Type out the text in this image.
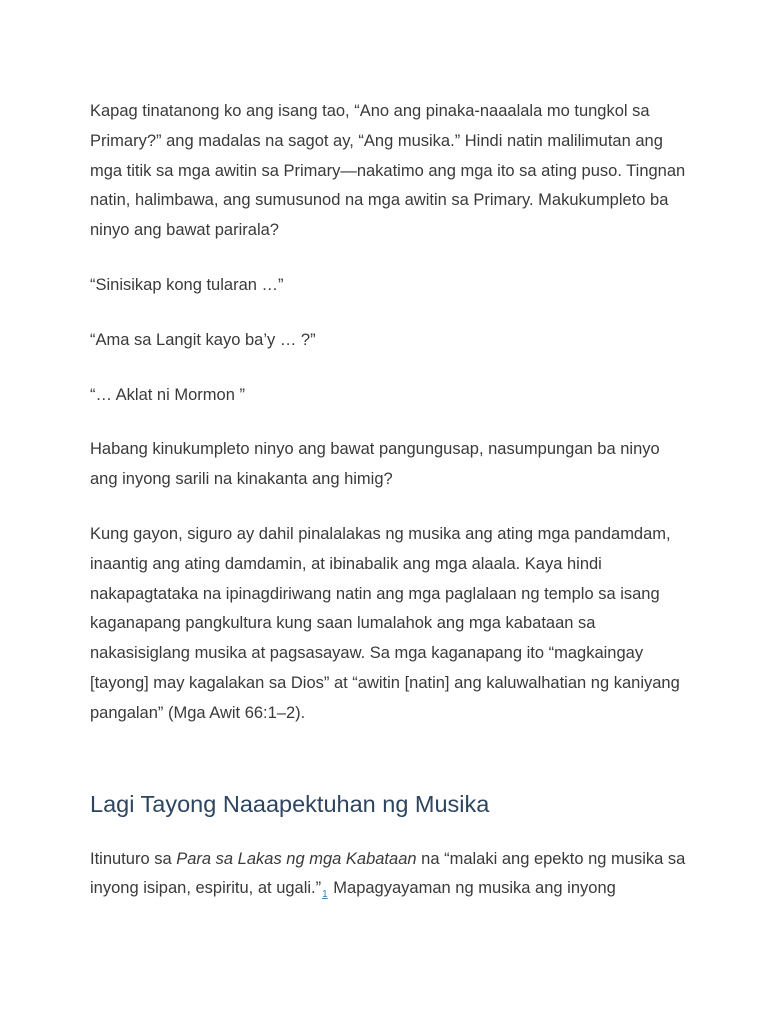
Kapag tinatanong ko ang isang tao, “Ano ang pinaka-naaalala mo tungkol sa Primary?” ang madalas na sagot ay, “Ang musika.” Hindi natin malilimutan ang mga titik sa mga awitin sa Primary—nakatimo ang mga ito sa ating puso. Tingnan natin, halimbawa, ang sumusunod na mga awitin sa Primary. Makukumpleto ba ninyo ang bawat parirala?

“Sinisikap kong tularan …”

“Ama sa Langit kayo ba’y … ?”

“… Aklat ni Mormon ”

Habang kinukumpleto ninyo ang bawat pangungusap, nasumpungan ba ninyo ang inyong sarili na kinakanta ang himig?

Kung gayon, siguro ay dahil pinalalakas ng musika ang ating mga pandamdam, inaantig ang ating damdamin, at ibinabalik ang mga alaala. Kaya hindi nakapagtataka na ipinagdiriwang natin ang mga paglalaan ng templo sa isang kaganapang pangkultura kung saan lumalahok ang mga kabataan sa nakasisiglang musika at pagsasayaw. Sa mga kaganapang ito “magkaingay [tayong] may kagalakan sa Dios” at “awitin [natin] ang kaluwalhatian ng kaniyang pangalan” (Mga Awit 66:1–2).

Lagi Tayong Naaapektuhan ng Musika

Itinuturo sa Para sa Lakas ng mga Kabataan na “malaki ang epekto ng musika sa inyong isipan, espiritu, at $ugali.”_1$ Mapagyayaman ng musika ang inyong
